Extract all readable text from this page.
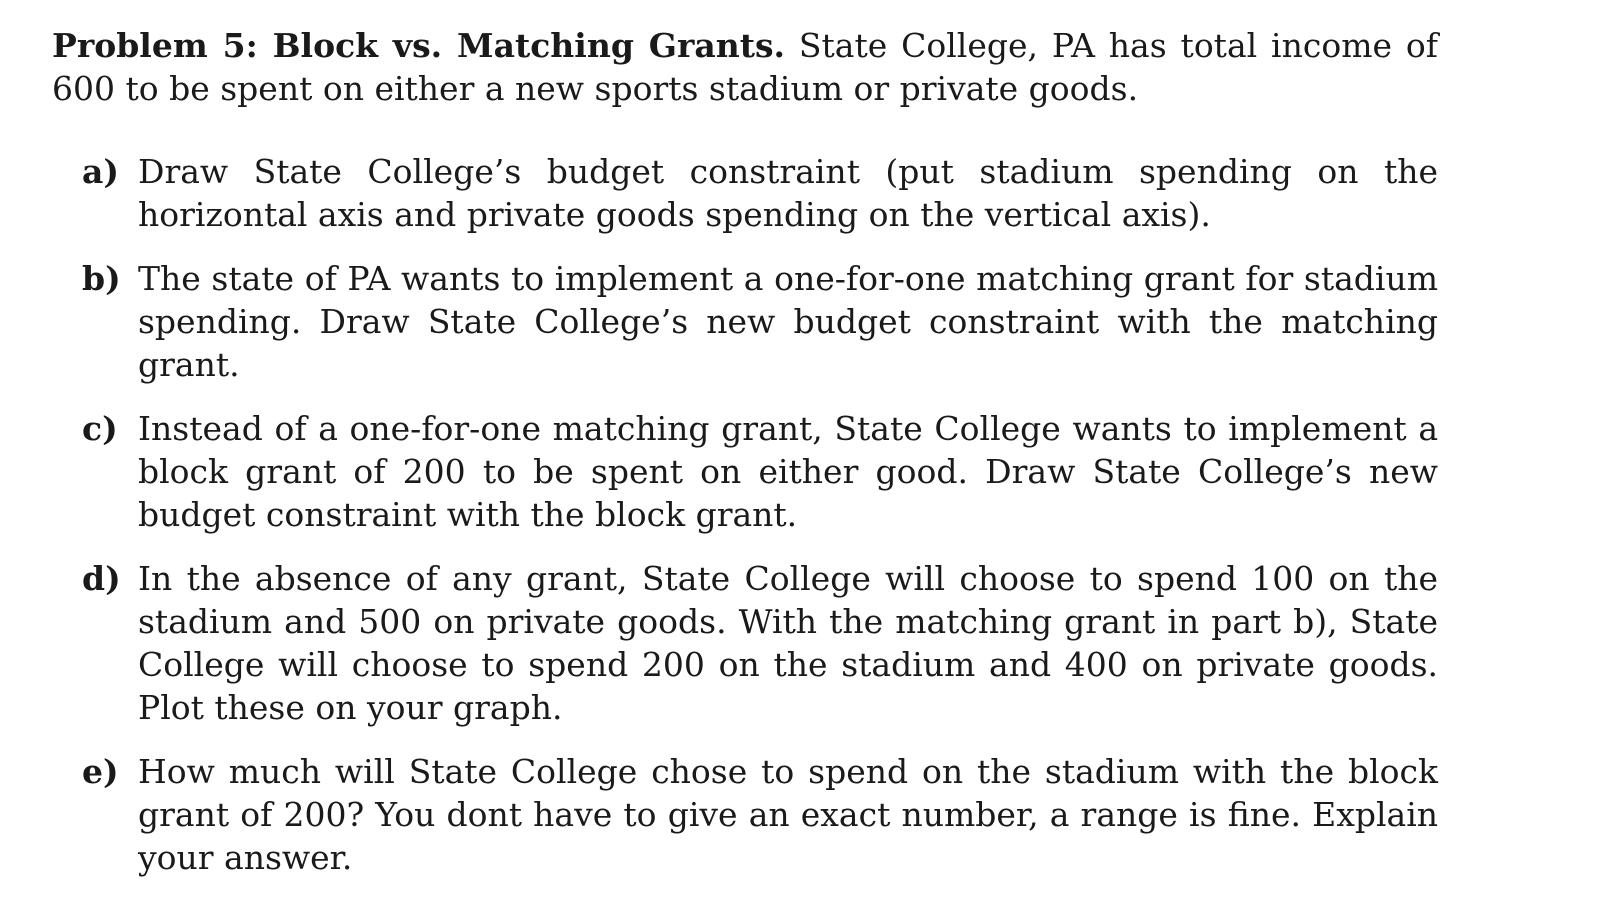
Problem 5: Block vs. Matching Grants. State College, PA has total income of 600 to be spent on either a new sports stadium or private goods.

a) Draw State College’s budget constraint (put stadium spending on the horizontal axis and private goods spending on the vertical axis).
b) The state of PA wants to implement a one-for-one matching grant for stadium spending. Draw State College’s new budget constraint with the matching grant.
c) Instead of a one-for-one matching grant, State College wants to implement a block grant of 200 to be spent on either good. Draw State College’s new budget constraint with the block grant.
d) In the absence of any grant, State College will choose to spend 100 on the stadium and 500 on private goods. With the matching grant in part b), State College will choose to spend 200 on the stadium and 400 on private goods. Plot these on your graph.
e) How much will State College chose to spend on the stadium with the block grant of 200? You dont have to give an exact number, a range is fine. Explain your answer.
